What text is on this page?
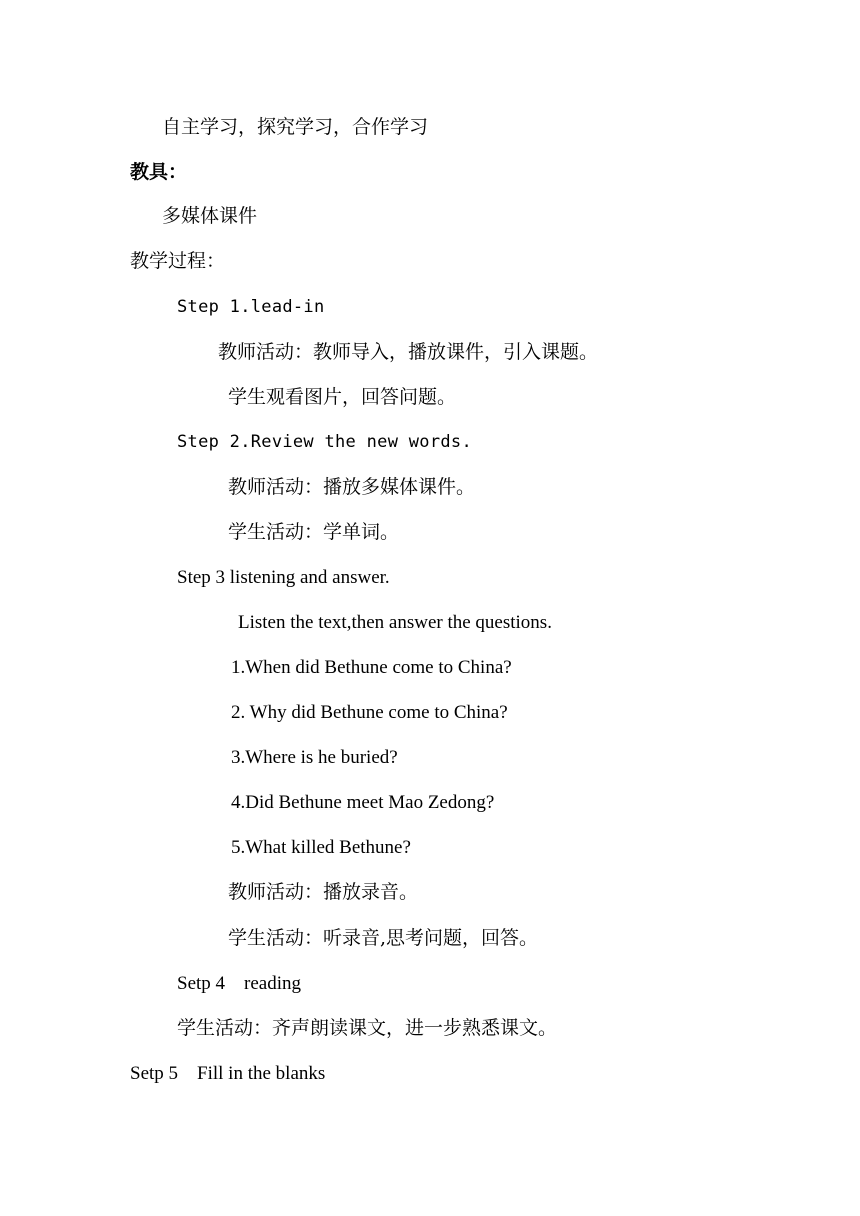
自主学习，探究学习，合作学习
教具：
多媒体课件
教学过程：
Step 1.lead-in
教师活动：教师导入，播放课件，引入课题。
学生观看图片，回答问题。
Step 2.Review the new words.
教师活动：播放多媒体课件。
学生活动：学单词。
Step 3 listening and answer.
Listen the text,then answer the questions.
1.When did Bethune come to China?
2. Why did Bethune come to China?
3.Where is he buried?
4.Did Bethune meet Mao Zedong?
5.What killed Bethune?
教师活动：播放录音。
学生活动：听录音,思考问题，回答。
Setp 4    reading
学生活动：齐声朗读课文，进一步熟悉课文。
Setp 5    Fill in the blanks
